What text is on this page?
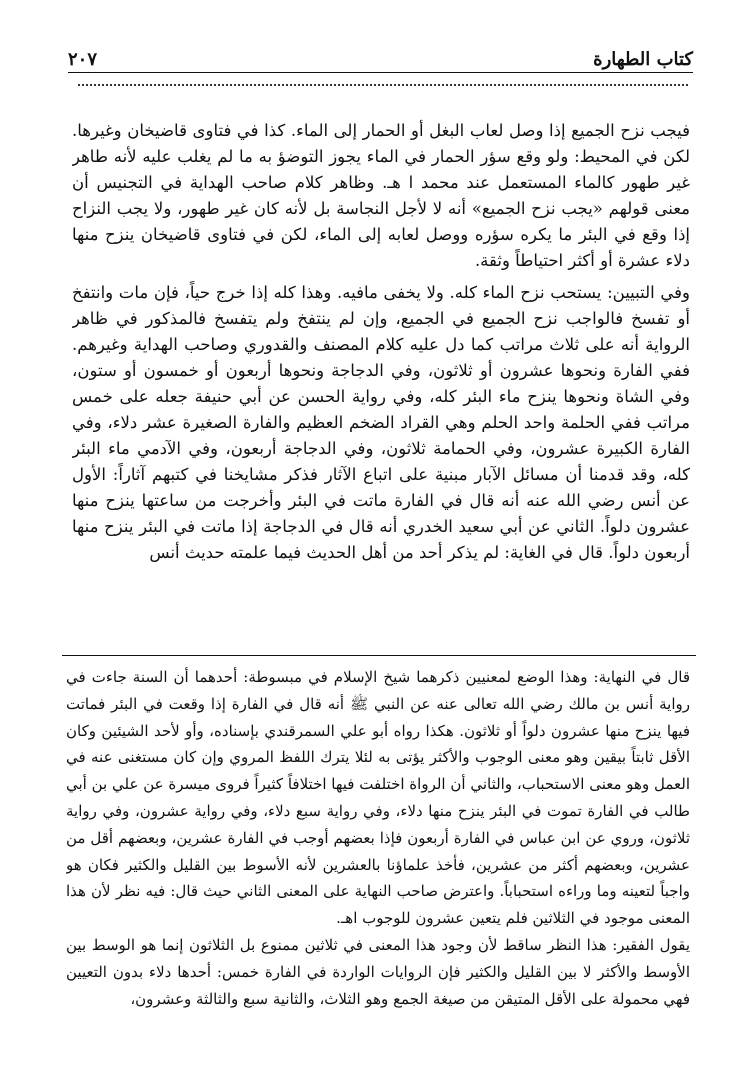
كتاب الطهارة
٢٠٧

فيجب نزح الجميع إذا وصل لعاب البغل أو الحمار إلى الماء. كذا في فتاوى قاضيخان وغيرها. لكن في المحيط: ولو وقع سؤر الحمار في الماء يجوز التوضؤ به ما لم يغلب عليه لأنه طاهر غير طهور كالماء المستعمل عند محمد ا هـ. وظاهر كلام صاحب الهداية في التجنيس أن معنى قولهم «يجب نزح الجميع» أنه لا لأجل النجاسة بل لأنه كان غير طهور، ولا يجب النزاح إذا وقع في البئر ما يكره سؤره ووصل لعابه إلى الماء، لكن في فتاوى قاضيخان ينزح منها دلاء عشرة أو أكثر احتياطاً وثقة.

وفي التبيين: يستحب نزح الماء كله. ولا يخفى مافيه. وهذا كله إذا خرج حياً، فإن مات وانتفخ أو تفسخ فالواجب نزح الجميع في الجميع، وإن لم ينتفخ ولم يتفسخ فالمذكور في ظاهر الرواية أنه على ثلاث مراتب كما دل عليه كلام المصنف والقدوري وصاحب الهداية وغيرهم. ففي الفارة ونحوها عشرون أو ثلاثون، وفي الدجاجة ونحوها أربعون أو خمسون أو ستون، وفي الشاة ونحوها ينزح ماء البئر كله، وفي رواية الحسن عن أبي حنيفة جعله على خمس مراتب ففي الحلمة واحد الحلم وهي القراد الضخم العظيم والفارة الصغيرة عشر دلاء، وفي الفارة الكبيرة عشرون، وفي الحمامة ثلاثون، وفي الدجاجة أربعون، وفي الآدمي ماء البئر كله، وقد قدمنا أن مسائل الآبار مبنية على اتباع الآثار فذكر مشايخنا في كتبهم آثاراً: الأول عن أنس رضي الله عنه أنه قال في الفارة ماتت في البئر وأخرجت من ساعتها ينزح منها عشرون دلواً. الثاني عن أبي سعيد الخدري أنه قال في الدجاجة إذا ماتت في البئر ينزح منها أربعون دلواً. قال في الغاية: لم يذكر أحد من أهل الحديث فيما علمته حديث أنس

قال في النهاية: وهذا الوضع لمعنيين ذكرهما شيخ الإسلام في مبسوطة: أحدهما أن السنة جاءت في رواية أنس بن مالك رضي الله تعالى عنه عن النبي ﷺ أنه قال في الفارة إذا وقعت في البئر فماتت فيها ينزح منها عشرون دلواً أو ثلاثون. هكذا رواه أبو علي السمرقندي بإسناده، وأو لأحد الشيئين وكان الأقل ثابتاً بيقين وهو معنى الوجوب والأكثر يؤتى به لئلا يترك اللفظ المروي وإن كان مستغنى عنه في العمل وهو معنى الاستحباب، والثاني أن الرواة اختلفت فيها اختلافاً كثيراً فروى ميسرة عن علي بن أبي طالب في الفارة تموت في البئر ينزح منها دلاء، وفي رواية سبع دلاء، وفي رواية عشرون، وفي رواية ثلاثون، وروي عن ابن عباس في الفارة أربعون فإذا بعضهم أوجب في الفارة عشرين، وبعضهم أقل من عشرين، وبعضهم أكثر من عشرين، فأخذ علماؤنا بالعشرين لأنه الأسوط بين القليل والكثير فكان هو واجباً لتعينه وما وراءه استحباباً. واعترض صاحب النهاية على المعنى الثاني حيث قال: فيه نظر لأن هذا المعنى موجود في الثلاثين فلم يتعين عشرون للوجوب اهـ.

يقول الفقير: هذا النظر ساقط لأن وجود هذا المعنى في ثلاثين ممنوع بل الثلاثون إنما هو الوسط بين الأوسط والأكثر لا بين القليل والكثير فإن الروايات الواردة في الفارة خمس: أحدها دلاء بدون التعيين فهي محمولة على الأقل المتيقن من صيغة الجمع وهو الثلاث، والثانية سبع والثالثة وعشرون،
